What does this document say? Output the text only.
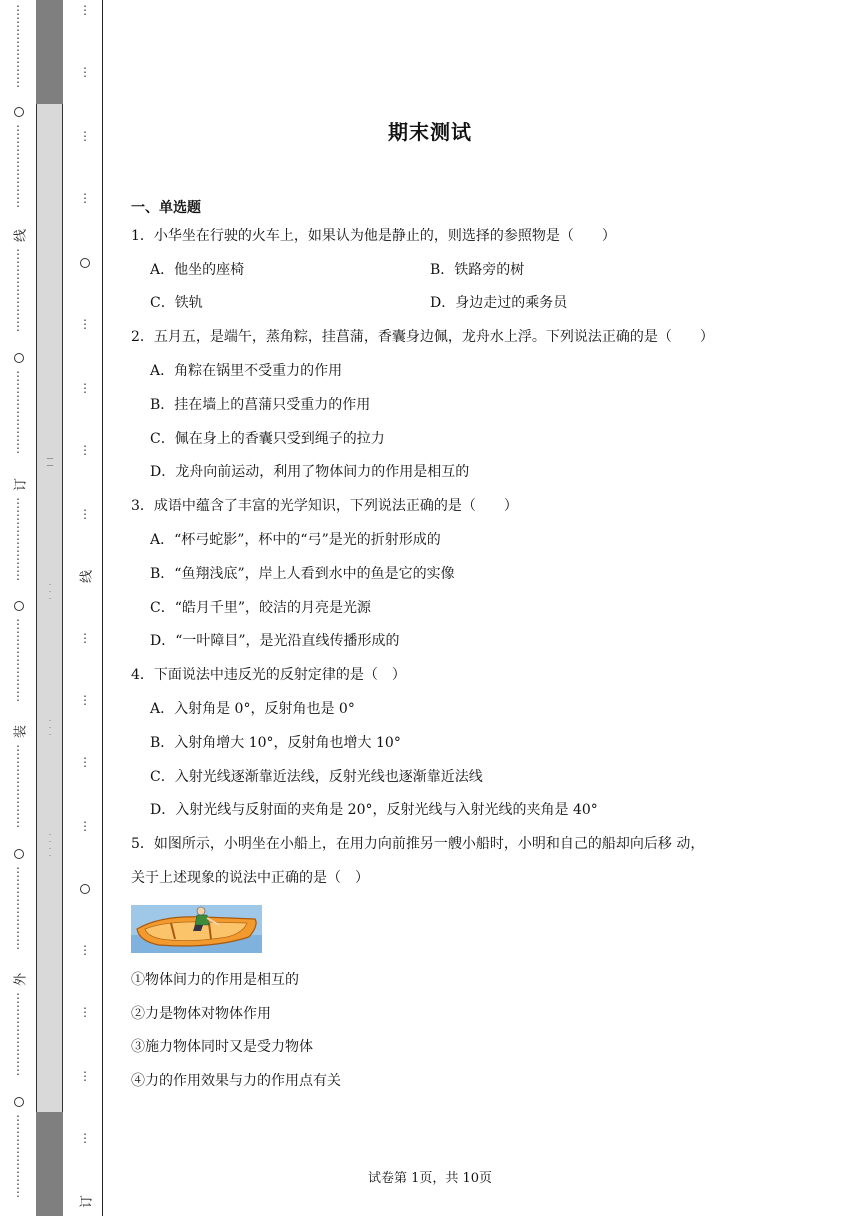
⋮
⋮
⋮
⋮
⋮
⋮
⋮
⋮
⋮
⋮
⋮
⋮
⋮
⋮
线
⋮
⋮
⋮
⋮
⋮
⋮
⋮
⋮
⋮
⋮
⋮
⋮
⋮
⋮
订
⋮
⋮
⋮
⋮
⋮
⋮
⋮
⋮
⋮
⋮
⋮
⋮
⋮
⋮
装
⋮
⋮
⋮
⋮
⋮
⋮
⋮
⋮
⋮
⋮
⋮
⋮
⋮
⋮
外
⋮
⋮
⋮
⋮
⋮
⋮
⋮
⋮
⋮
⋮
⋮
⋮
⋮
⋮
—
—
·
·
·
·
·
·
·
·
·
·
⋮
⋮
⋮
⋮
⋮
⋮
⋮
⋮
线
⋮
⋮
⋮
⋮
⋮
⋮
⋮
⋮
订
期末测试
一、单选题
1．小华坐在行驶的火车上，如果认为他是静止的，则选择的参照物是（　　）
A．他坐的座椅	B．铁路旁的树
C．铁轨	D．身边走过的乘务员
2．五月五，是端午，蒸角粽，挂菖蒲，香囊身边佩，龙舟水上浮。下列说法正确的是（　　）
A．角粽在锅里不受重力的作用
B．挂在墙上的菖蒲只受重力的作用
C．佩在身上的香囊只受到绳子的拉力
D．龙舟向前运动，利用了物体间力的作用是相互的
3．成语中蕴含了丰富的光学知识，下列说法正确的是（　　）
A．“杯弓蛇影”，杯中的“弓”是光的折射形成的
B．“鱼翔浅底”，岸上人看到水中的鱼是它的实像
C．“皓月千里”，皎洁的月亮是光源
D．“一叶障目”，是光沿直线传播形成的
4．下面说法中违反光的反射定律的是（　）
A．入射角是 0°，反射角也是 0°
B．入射角增大 10°，反射角也增大 10°
C．入射光线逐渐靠近法线，反射光线也逐渐靠近法线
D．入射光线与反射面的夹角是 20°，反射光线与入射光线的夹角是 40°
5．如图所示，小明坐在小船上，在用力向前推另一艘小船时，小明和自己的船却向后移 动，
关于上述现象的说法中正确的是（　）
①物体间力的作用是相互的
②力是物体对物体作用
③施力物体同时又是受力物体
④力的作用效果与力的作用点有关
试卷第 1页，共 10页
